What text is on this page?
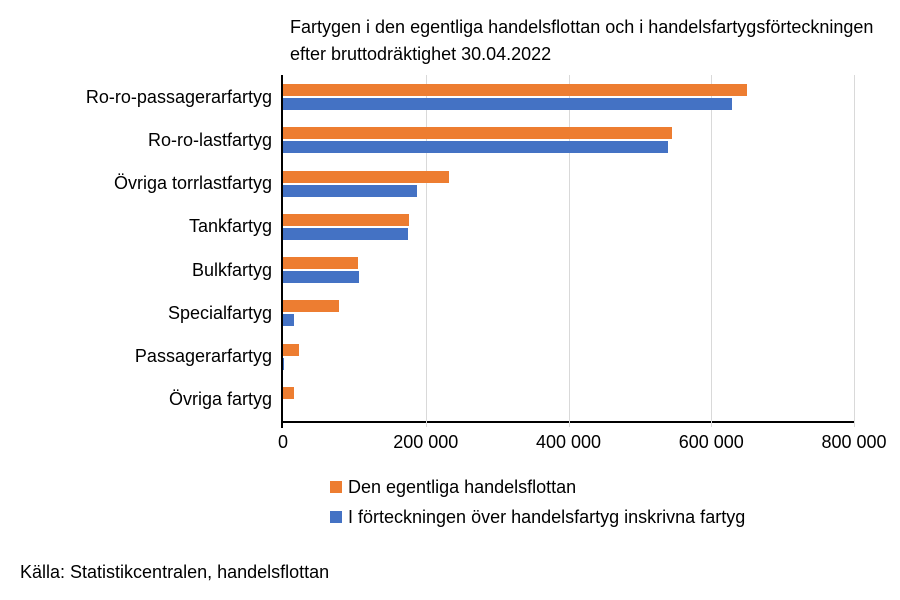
Fartygen i den egentliga handelsflottan och i handelsfartygsförteckningen efter bruttodräktighet 30.04.2022
Ro-ro-passagerarfartyg
Ro-ro-lastfartyg
Övriga torrlastfartyg
Tankfartyg
Bulkfartyg
Specialfartyg
Passagerarfartyg
Övriga fartyg
0	200 000	400 000	600 000	800 000
Den egentliga handelsflottan
I förteckningen över handelsfartyg inskrivna fartyg
Källa: Statistikcentralen, handelsflottan
